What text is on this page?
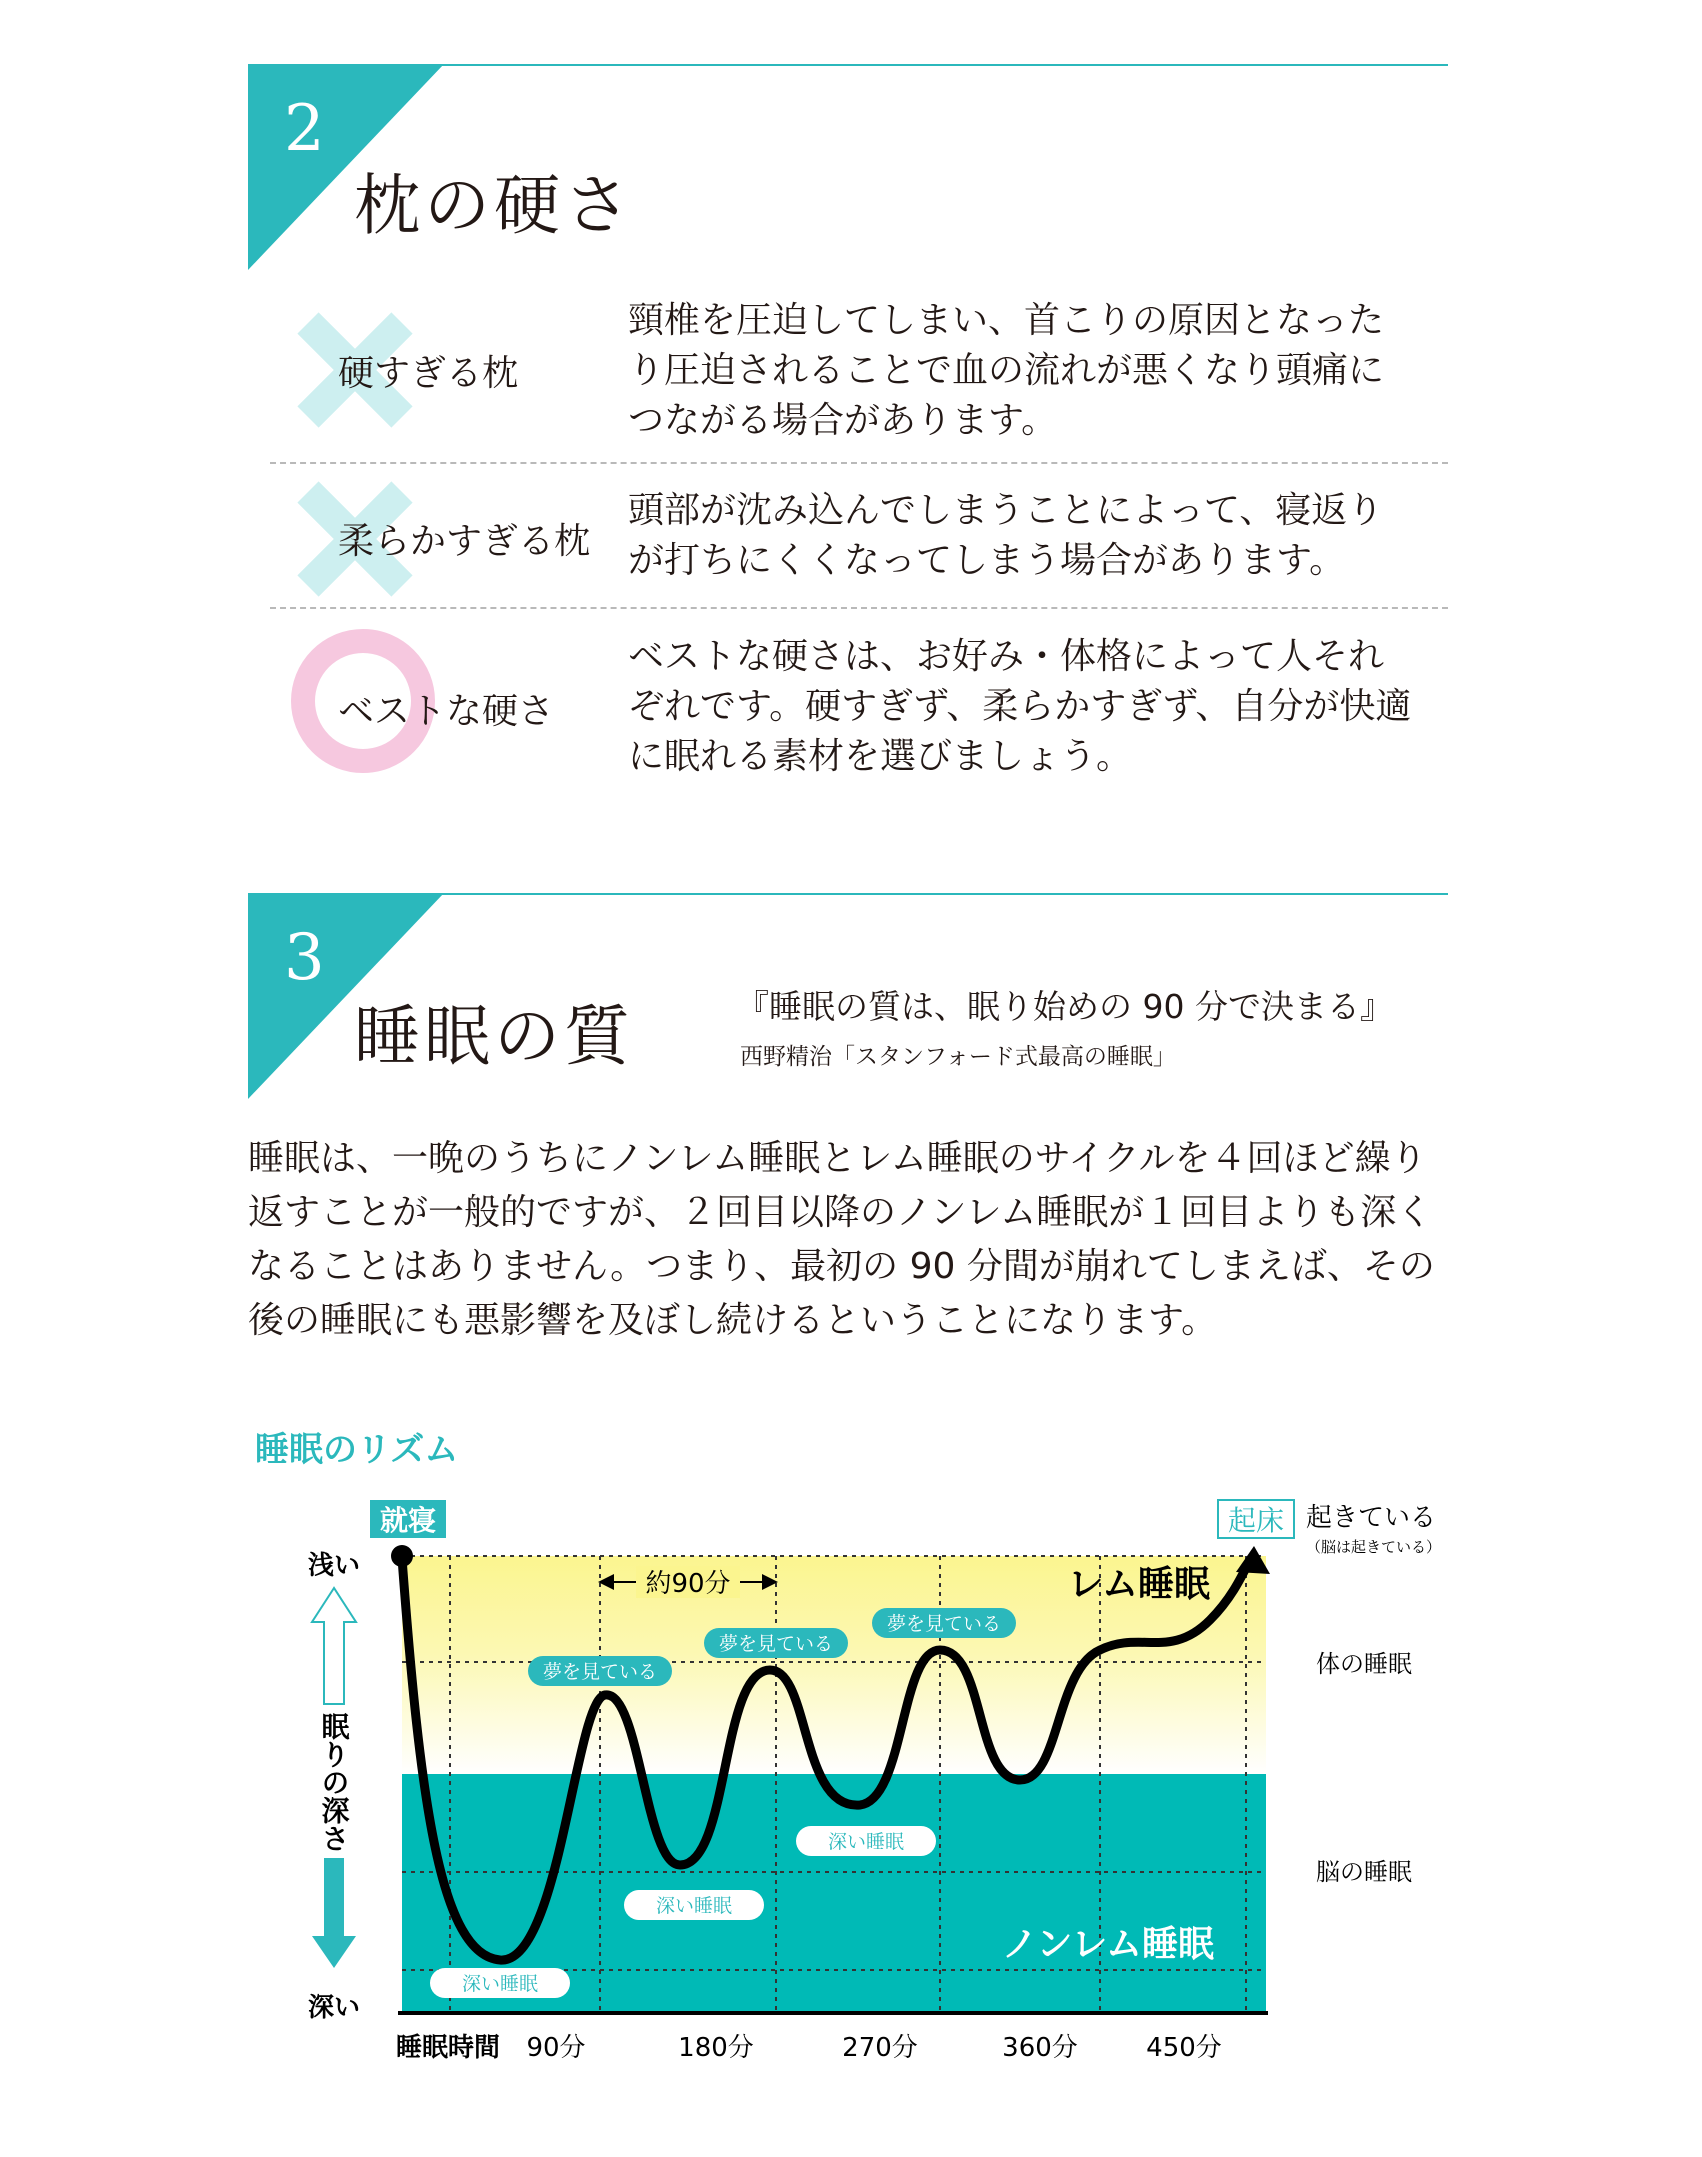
2
枕の硬さ
硬すぎる枕
頸椎を圧迫してしまい、首こりの原因となったり圧迫されることで血の流れが悪くなり頭痛につながる場合があります。
柔らかすぎる枕
頭部が沈み込んでしまうことによって、寝返りが打ちにくくなってしまう場合があります。
ベストな硬さ
ベストな硬さは、お好み・体格によって人それぞれです。硬すぎず、柔らかすぎず、自分が快適に眠れる素材を選びましょう。
3
睡眠の質	『睡眠の質は、眠り始めの 90 分で決まる』
西野精治「スタンフォード式最高の睡眠」
睡眠は、一晩のうちにノンレム睡眠とレム睡眠のサイクルを４回ほど繰り返すことが一般的ですが、２回目以降のノンレム睡眠が１回目よりも深くなることはありません。つまり、最初の 90 分間が崩れてしまえば、その後の睡眠にも悪影響を及ぼし続けるということになります。
睡眠のリズム
約90分
就寝	起床
レム睡眠
ノンレム睡眠
夢を見ている
夢を見ている
夢を見ている
深い睡眠
深い睡眠
深い睡眠
浅い
眠りの深さ
深い
睡眠時間 90分	180分	270分	360分	450分
起きている
（脳は起きている）
体の睡眠
脳の睡眠
